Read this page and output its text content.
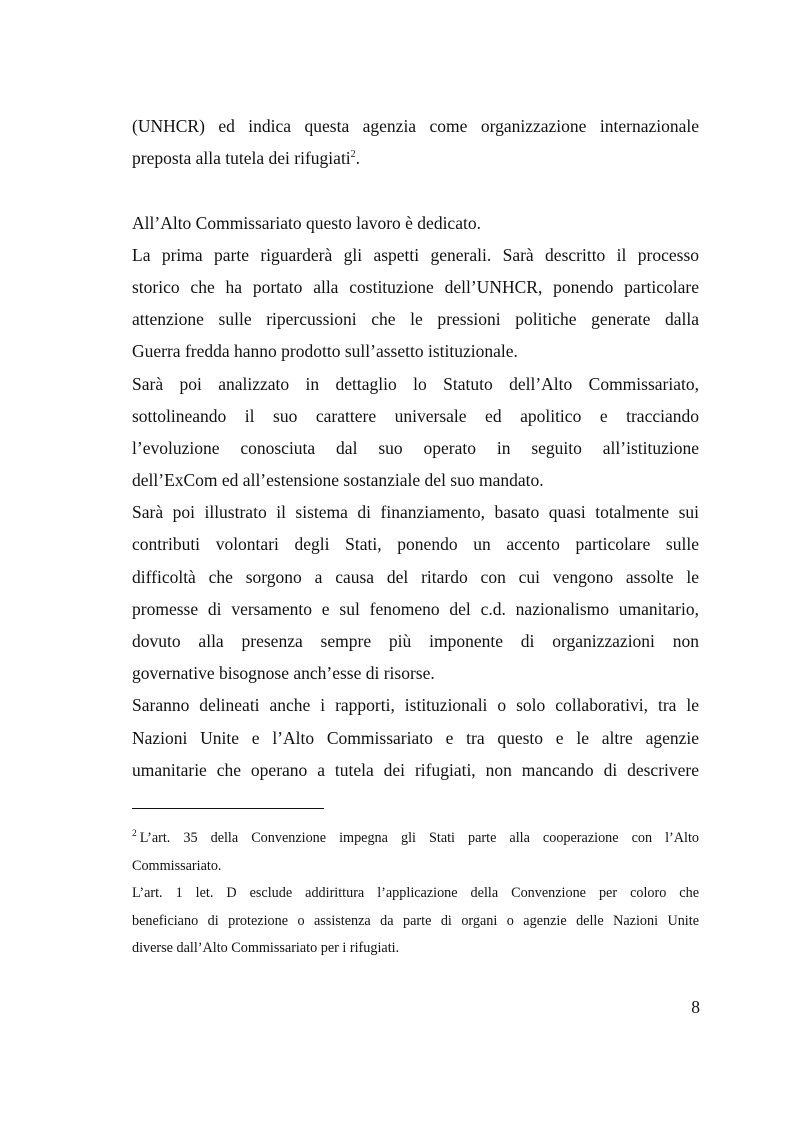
(UNHCR) ed indica questa agenzia come organizzazione internazionale
preposta alla tutela dei rifugiati$^2$.
All’Alto Commissariato questo lavoro è dedicato.
La prima parte riguarderà gli aspetti generali. Sarà descritto il processo
storico che ha portato alla costituzione dell’UNHCR, ponendo particolare
attenzione sulle ripercussioni che le pressioni politiche generate dalla
Guerra fredda hanno prodotto sull’assetto istituzionale.
Sarà poi analizzato in dettaglio lo Statuto dell’Alto Commissariato,
sottolineando il suo carattere universale ed apolitico e tracciando
l’evoluzione conosciuta dal suo operato in seguito all’istituzione
dell’ExCom ed all’estensione sostanziale del suo mandato.
Sarà poi illustrato il sistema di finanziamento, basato quasi totalmente sui
contributi volontari degli Stati, ponendo un accento particolare sulle
difficoltà che sorgono a causa del ritardo con cui vengono assolte le
promesse di versamento e sul fenomeno del c.d. nazionalismo umanitario,
dovuto alla presenza sempre più imponente di organizzazioni non
governative bisognose anch’esse di risorse.
Saranno delineati anche i rapporti, istituzionali o solo collaborativi, tra le
Nazioni Unite e l’Alto Commissariato e tra questo e le altre agenzie
umanitarie che operano a tutela dei rifugiati, non mancando di descrivere
$^2$ L’art. 35 della Convenzione impegna gli Stati parte alla cooperazione con l’Alto
Commissariato.
L’art. 1 let. D esclude addirittura l’applicazione della Convenzione per coloro che
beneficiano di protezione o assistenza da parte di organi o agenzie delle Nazioni Unite
diverse dall’Alto Commissariato per i rifugiati.
8
